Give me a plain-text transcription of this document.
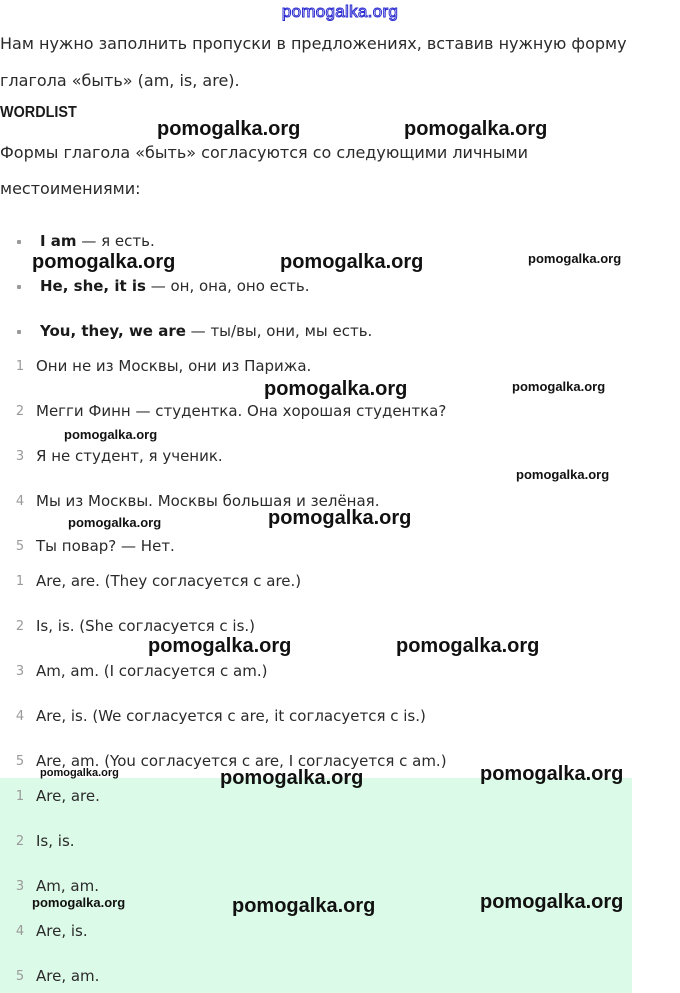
pomogalka.org
Нам нужно заполнить пропуски в предложениях, вставив нужную форму
глагола «быть» (am, is, are).
WORDLIST
Формы глагола «быть» согласуются со следующими личными
местоимениями:
I am — я есть.
He, she, it is — он, она, оно есть.
You, they, we are — ты/вы, они, мы есть.
1 Они не из Москвы, они из Парижа.
2 Мегги Финн — студентка. Она хорошая студентка?
3 Я не студент, я ученик.
4 Мы из Москвы. Москвы большая и зелёная.
5 Ты повар? — Нет.
1 Are, are. (They согласуется с are.)
2 Is, is. (She согласуется с is.)
3 Am, am. (I согласуется с am.)
4 Are, is. (We согласуется с are, it согласуется с is.)
5 Are, am. (You согласуется с are, I согласуется с am.)
1 Are, are.
2 Is, is.
3 Am, am.
4 Are, is.
5 Are, am.
pomogalka.org	pomogalka.org
pomogalka.org	pomogalka.org	pomogalka.org
pomogalka.org	pomogalka.org
pomogalka.org
pomogalka.org
pomogalka.org	pomogalka.org
pomogalka.org	pomogalka.org
pomogalka.org	pomogalka.org	pomogalka.org
pomogalka.org	pomogalka.org	pomogalka.org
